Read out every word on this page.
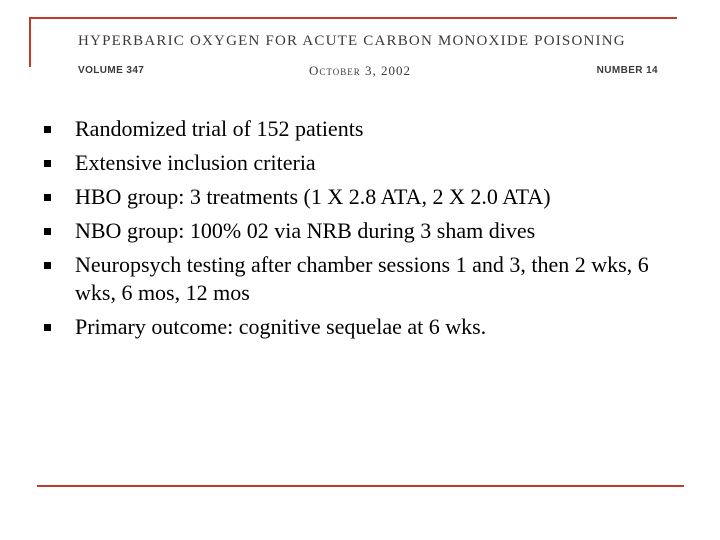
HYPERBARIC OXYGEN FOR ACUTE CARBON MONOXIDE POISONING
VOLUME 347	October 3, 2002	NUMBER 14
Randomized trial of 152 patients
Extensive inclusion criteria
HBO group: 3 treatments (1 X 2.8 ATA, 2 X 2.0 ATA)
NBO group: 100% 02 via NRB during 3 sham dives
Neuropsych testing after chamber sessions 1 and 3, then 2 wks, 6 wks, 6 mos, 12 mos
Primary outcome: cognitive sequelae at 6 wks.
